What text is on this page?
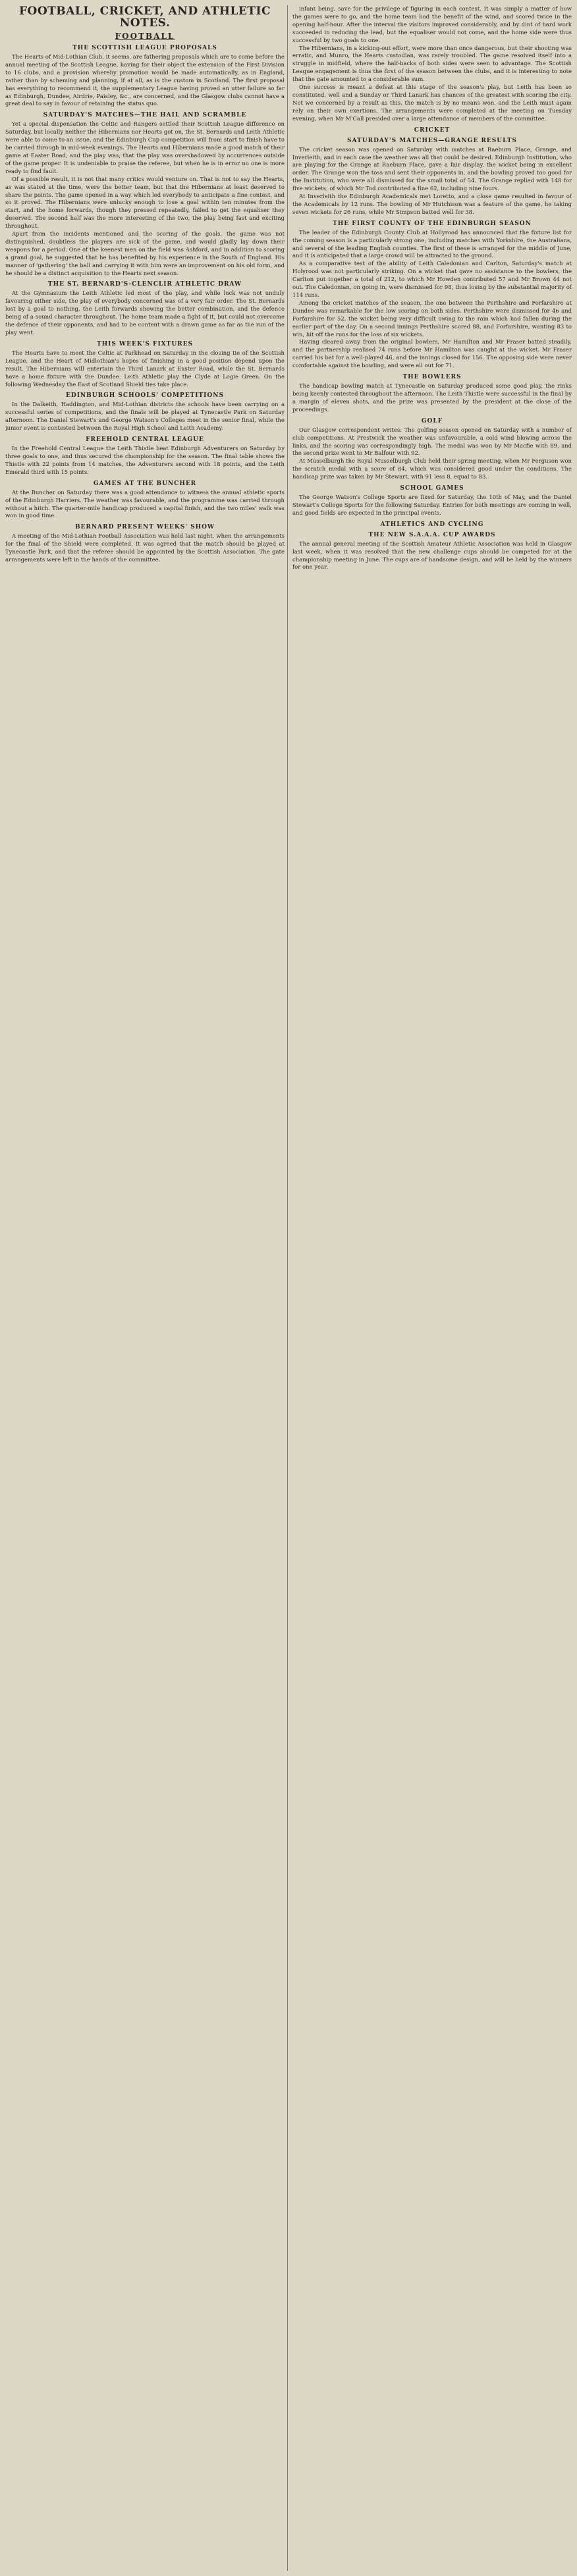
FOOTBALL, CRICKET, AND ATHLETIC NOTES.
FOOTBALL
THE SCOTTISH LEAGUE PROPOSALS

The Hearts of Mid-Lothian Club, it seems, are fathering proposals which are to come before the annual meeting of the Scottish League, having for their object the extension of the First Division to 16 clubs, and a provision whereby promotion would be made automatically, as in England, rather than by scheming and planning, if at all, as is the custom in Scotland. The first proposal has everything to recommend it, the supplementary League having proved an utter failure so far as Edinburgh, Dundee, Airdrie, Paisley, &c., are concerned, and the Glasgow clubs cannot have a great deal to say in favour of retaining the status quo.

SATURDAY'S MATCHES—THE HAIL AND SCRAMBLE

Yet a special dispensation the Celtic and Rangers settled their Scottish League difference on Saturday, but locally neither the Hibernians nor Hearts got on, the St. Bernards and Leith Athletic were able to come to an issue, and the Edinburgh Cup competition will from start to finish have to be carried through in mid-week evenings. The Hearts and Hibernians made a good match of their game at Easter Road, and the play was, that the play was overshadowed by occurrences outside of the game proper. It is undeniable to praise the referee, but when he is in error no one is more ready to find fault.

Of a possible result, it is not that many critics would venture on. That is not to say the Hearts, as was stated at the time, were the better team, but that the Hibernians at least deserved to share the points. The game opened in a way which led everybody to anticipate a fine contest, and so it proved. The Hibernians were unlucky enough to lose a goal within ten minutes from the start, and the home forwards, though they pressed repeatedly, failed to get the equaliser they deserved. The second half was the more interesting of the two, the play being fast and exciting throughout.

Apart from the incidents mentioned and the scoring of the goals, the game was not distinguished, doubtless the players are sick of the game, and would gladly lay down their weapons for a period. One of the keenest men on the field was Ashford, and in addition to scoring a grand goal, he suggested that he has benefited by his experience in the South of England. His manner of 'gathering' the ball and carrying it with him were an improvement on his old form, and he should be a distinct acquisition to the Hearts next season.

THE ST. BERNARD'S-CLENCLIR ATHLETIC DRAW

At the Gymnasium the Leith Athletic led most of the play, and while luck was not unduly favouring either side, the play of everybody concerned was of a very fair order. The St. Bernards lost by a goal to nothing, the Leith forwards showing the better combination, and the defence being of a sound character throughout. The home team made a fight of it, but could not overcome the defence of their opponents, and had to be content with a drawn game as far as the run of the play went.

THIS WEEK'S FIXTURES

The Hearts have to meet the Celtic at Parkhead on Saturday in the closing tie of the Scottish League, and the Heart of Midlothian's hopes of finishing in a good position depend upon the result. The Hibernians will entertain the Third Lanark at Easter Road, while the St. Bernards have a home fixture with the Dundee. Leith Athletic play the Clyde at Logie Green. On the following Wednesday the East of Scotland Shield ties take place.

EDINBURGH SCHOOLS' COMPETITIONS

In the Dalkeith, Haddington, and Mid-Lothian districts the schools have been carrying on a successful series of competitions, and the finals will be played at Tynecastle Park on Saturday afternoon. The Daniel Stewart's and George Watson's Colleges meet in the senior final, while the junior event is contested between the Royal High School and Leith Academy.

FREEHOLD CENTRAL LEAGUE

In the Freehold Central League the Leith Thistle beat Edinburgh Adventurers on Saturday by three goals to one, and thus secured the championship for the season. The final table shows the Thistle with 22 points from 14 matches, the Adventurers second with 18 points, and the Leith Emerald third with 15 points.

GAMES AT THE BUNCHER

At the Buncher on Saturday there was a good attendance to witness the annual athletic sports of the Edinburgh Harriers. The weather was favourable, and the programme was carried through without a hitch. The quarter-mile handicap produced a capital finish, and the two miles' walk was won in good time.

BERNARD PRESENT WEEKS' SHOW

A meeting of the Mid-Lothian Football Association was held last night, when the arrangements for the final of the Shield were completed. It was agreed that the match should be played at Tynecastle Park, and that the referee should be appointed by the Scottish Association. The gate arrangements were left in the hands of the committee.

infant being, save for the privilege of figuring in each contest. It was simply a matter of how the games were to go, and the home team had the benefit of the wind, and scored twice in the opening half-hour. After the interval the visitors improved considerably, and by dint of hard work succeeded in reducing the lead, but the equaliser would not come, and the home side were thus successful by two goals to one.

The Hibernians, in a kicking-out effort, were more than once dangerous, but their shooting was erratic, and Munro, the Hearts custodian, was rarely troubled. The game resolved itself into a struggle in midfield, where the half-backs of both sides were seen to advantage. The Scottish League engagement is thus the first of the season between the clubs, and it is interesting to note that the gate amounted to a considerable sum.

One success is meant a defeat at this stage of the season's play, but Leith has been so constituted, well and a Sunday or Third Lanark has chances of the greatest with scoring the city. Not we concerned by a result as this, the match is by no means won, and the Leith must again rely on their own exertions. The arrangements were completed at the meeting on Tuesday evening, when Mr M'Call presided over a large attendance of members of the committee.

CRICKET
SATURDAY'S MATCHES—GRANGE RESULTS

The cricket season was opened on Saturday with matches at Raeburn Place, Grange, and Inverleith, and in each case the weather was all that could be desired. Edinburgh Institution, who are playing for the Grange at Raeburn Place, gave a fair display, the wicket being in excellent order. The Grange won the toss and sent their opponents in, and the bowling proved too good for the Institution, who were all dismissed for the small total of 54. The Grange replied with 148 for five wickets, of which Mr Tod contributed a fine 62, including nine fours.

At Inverleith the Edinburgh Academicals met Loretto, and a close game resulted in favour of the Academicals by 12 runs. The bowling of Mr Hutchison was a feature of the game, he taking seven wickets for 26 runs, while Mr Simpson batted well for 38.

THE FIRST COUNTY OF THE EDINBURGH SEASON

The leader of the Edinburgh County Club at Hollyrood has announced that the fixture list for the coming season is a particularly strong one, including matches with Yorkshire, the Australians, and several of the leading English counties. The first of these is arranged for the middle of June, and it is anticipated that a large crowd will be attracted to the ground.

As a comparative test of the ability of Leith Caledonian and Carlton, Saturday's match at Holyrood was not particularly striking. On a wicket that gave no assistance to the bowlers, the Carlton put together a total of 212, to which Mr Howden contributed 57 and Mr Brown 44 not out. The Caledonian, on going in, were dismissed for 98, thus losing by the substantial majority of 114 runs.

Among the cricket matches of the season, the one between the Perthshire and Forfarshire at Dundee was remarkable for the low scoring on both sides. Perthshire were dismissed for 46 and Forfarshire for 52, the wicket being very difficult owing to the rain which had fallen during the earlier part of the day. On a second innings Perthshire scored 88, and Forfarshire, wanting 83 to win, hit off the runs for the loss of six wickets.

Having cleared away from the original bowlers, Mr Hamilton and Mr Fraser batted steadily, and the partnership realised 74 runs before Mr Hamilton was caught at the wicket. Mr Fraser carried his bat for a well-played 46, and the innings closed for 156. The opposing side were never comfortable against the bowling, and were all out for 71.

THE BOWLERS

The handicap bowling match at Tynecastle on Saturday produced some good play, the rinks being keenly contested throughout the afternoon. The Leith Thistle were successful in the final by a margin of eleven shots, and the prize was presented by the president at the close of the proceedings.

GOLF

Our Glasgow correspondent writes: The golfing season opened on Saturday with a number of club competitions. At Prestwick the weather was unfavourable, a cold wind blowing across the links, and the scoring was correspondingly high. The medal was won by Mr Macfie with 89, and the second prize went to Mr Balfour with 92.

At Musselburgh the Royal Musselburgh Club held their spring meeting, when Mr Ferguson won the scratch medal with a score of 84, which was considered good under the conditions. The handicap prize was taken by Mr Stewart, with 91 less 8, equal to 83.

SCHOOL GAMES

The George Watson's College Sports are fixed for Saturday, the 10th of May, and the Daniel Stewart's College Sports for the following Saturday. Entries for both meetings are coming in well, and good fields are expected in the principal events.

ATHLETICS AND CYCLING
THE NEW S.A.A.A. CUP AWARDS

The annual general meeting of the Scottish Amateur Athletic Association was held in Glasgow last week, when it was resolved that the new challenge cups should be competed for at the championship meeting in June. The cups are of handsome design, and will be held by the winners for one year.
